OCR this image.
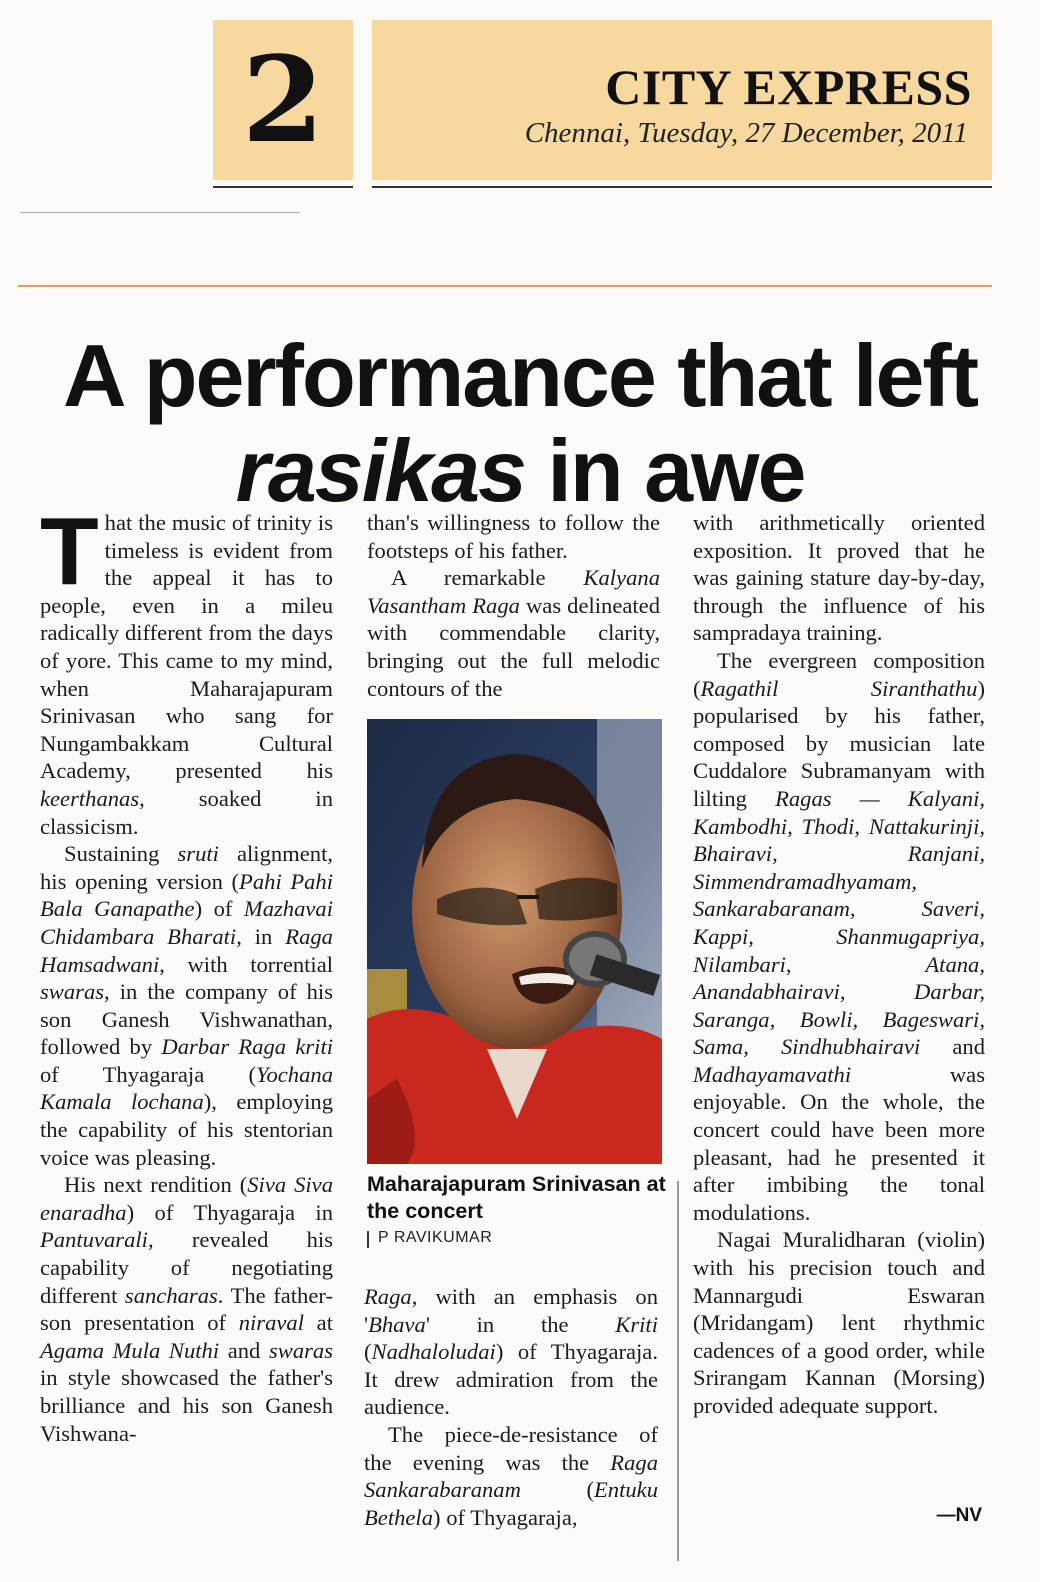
2	CITY EXPRESS
Chennai, Tuesday, 27 December, 2011
A performance that left
rasikas in awe

That the music of trinity is timeless is evident from the appeal it has to people, even in a mileu radically different from the days of yore. This came to my mind, when Maharajapuram Srinivasan who sang for Nungambakkam Cultural Academy, presented his keerthanas, soaked in classicism.

Sustaining sruti alignment, his opening version (Pahi Pahi Bala Ganapathe) of Mazhavai Chidambara Bharati, in Raga Hamsadwani, with torrential swaras, in the company of his son Ganesh Vishwanathan, followed by Darbar Raga kriti of Thyagaraja (Yochana Kamala lochana), employing the capability of his stentorian voice was pleasing.

His next rendition (Siva Siva enaradha) of Thyagaraja in Pantuvarali, revealed his capability of negotiating different sancharas. The father-son presentation of niraval at Agama Mula Nuthi and swaras in style showcased the father's brilliance and his son Ganesh Vishwana-

than's willingness to follow the footsteps of his father.

A remarkable Kalyana Vasantham Raga was delineated with commendable clarity, bringing out the full melodic contours of the

Maharajapuram Srinivasan at the concert
P RAVIKUMAR

Raga, with an emphasis on 'Bhava' in the Kriti (Nadhaloludai) of Thyagaraja. It drew admiration from the audience.

The piece-de-resistance of the evening was the Raga Sankarabaranam (Entuku Bethela) of Thyagaraja,

with arithmetically oriented exposition. It proved that he was gaining stature day-by-day, through the influence of his sampradaya training.

The evergreen composition (Ragathil Siranthathu) popularised by his father, composed by musician late Cuddalore Subramanyam with lilting Ragas — Kalyani, Kambodhi, Thodi, Nattakurinji, Bhairavi, Ranjani, Simmendramadhyamam, Sankarabaranam, Saveri, Kappi, Shanmugapriya, Nilambari, Atana, Anandabhairavi, Darbar, Saranga, Bowli, Bageswari, Sama, Sindhubhairavi and Madhayamavathi was enjoyable. On the whole, the concert could have been more pleasant, had he presented it after imbibing the tonal modulations.

Nagai Muralidharan (violin) with his precision touch and Mannargudi Eswaran (Mridangam) lent rhythmic cadences of a good order, while Srirangam Kannan (Morsing) provided adequate support.

—NV
